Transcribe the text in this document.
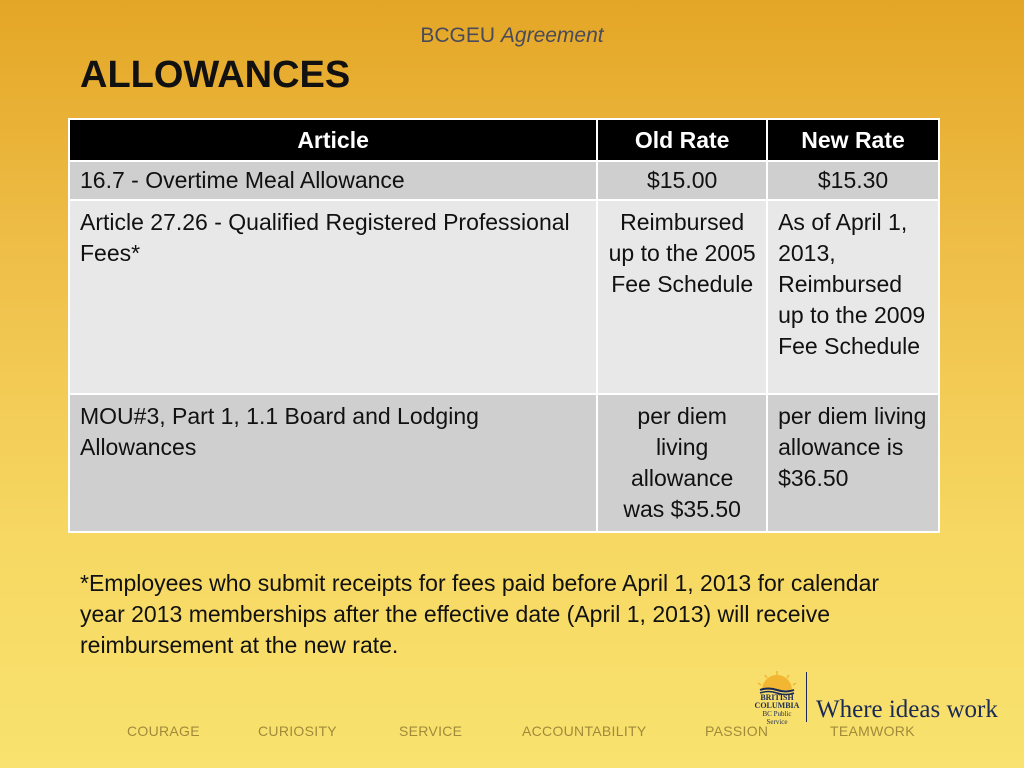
BCGEU Agreement
ALLOWANCES
Article	Old Rate	New Rate
16.7 - Overtime Meal Allowance	$15.00	$15.30
Article 27.26 - Qualified Registered Professional Fees*	Reimbursed up to the 2005 Fee Schedule	As of April 1, 2013, Reimbursed up to the 2009 Fee Schedule
MOU#3, Part 1, 1.1 Board and Lodging Allowances	per diem living allowance was $35.50	per diem living allowance is $36.50
*Employees who submit receipts for fees paid before April 1, 2013 for calendar year 2013 memberships after the effective date (April 1, 2013) will receive reimbursement at the new rate.
BRITISH
COLUMBIA
BC Public Service	Where ideas work
COURAGE	CURIOSITY	SERVICE	ACCOUNTABILITY	PASSION	TEAMWORK
